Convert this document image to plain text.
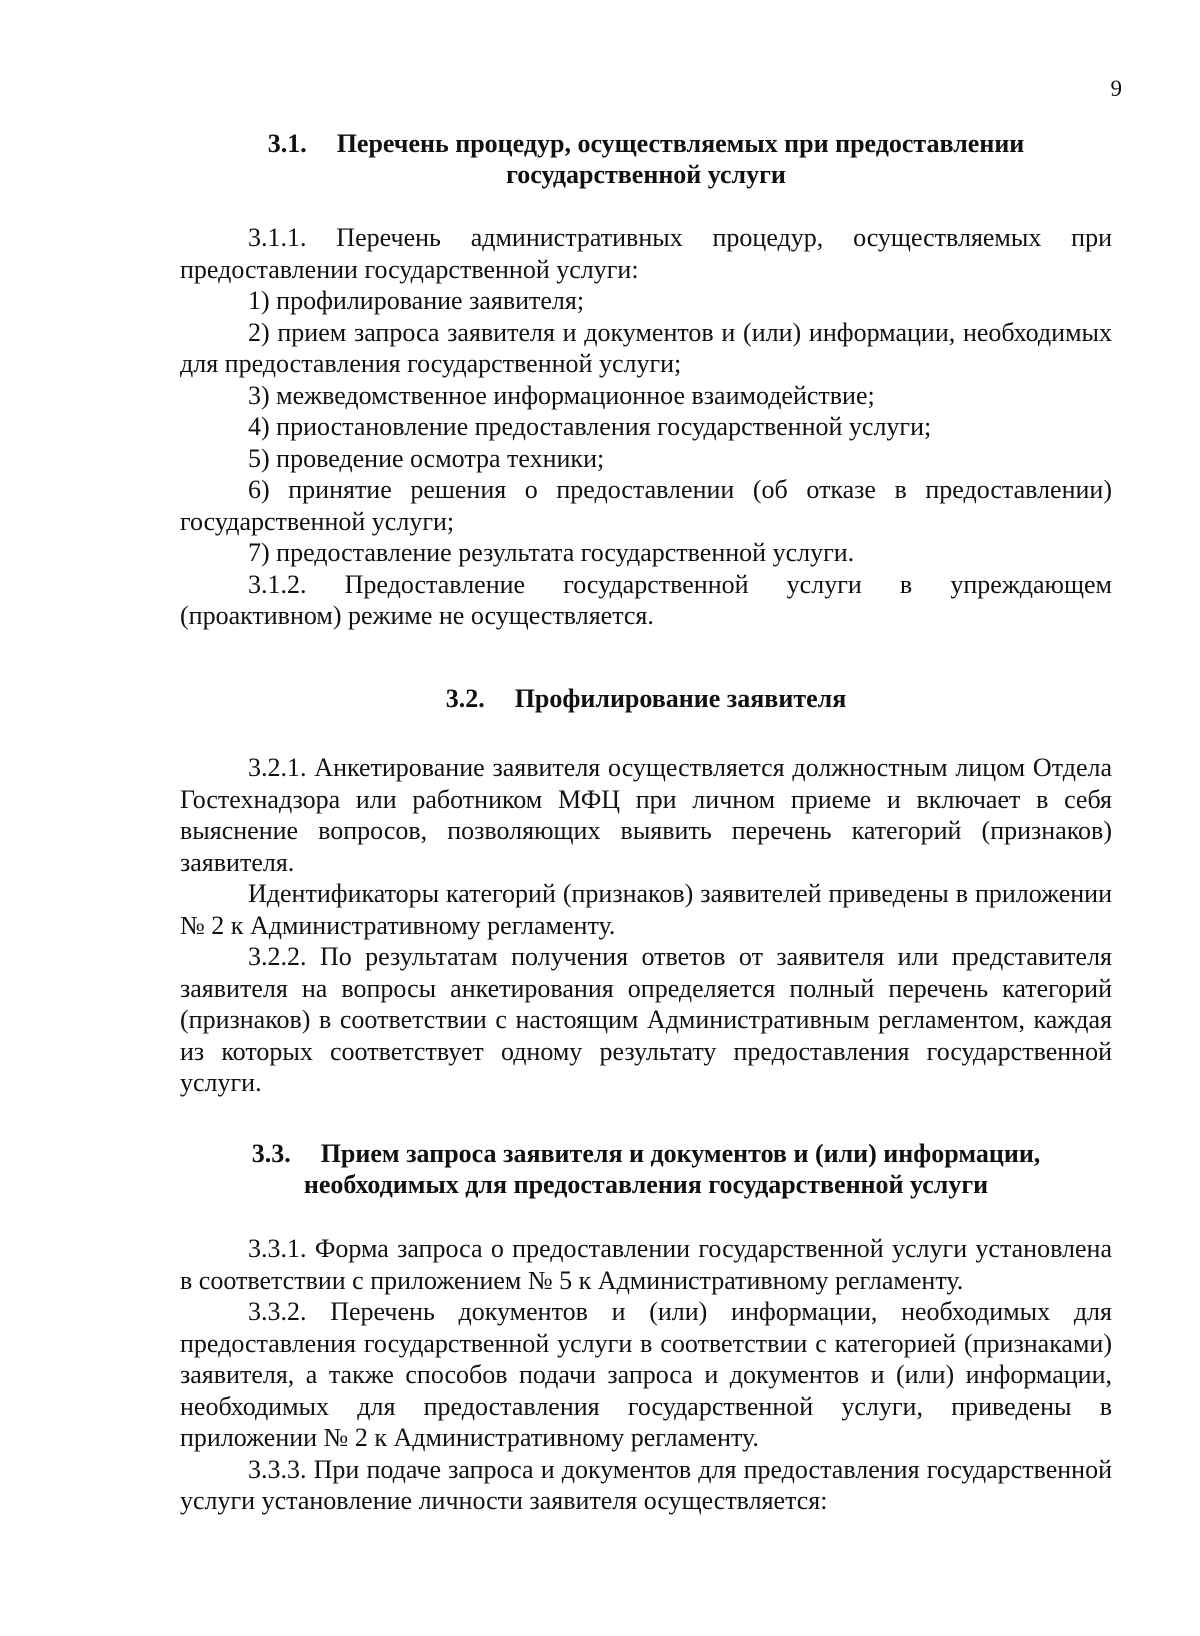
9
3.1. Перечень процедур, осуществляемых при предоставлении
государственной услуги

3.1.1. Перечень административных процедур, осуществляемых при предоставлении государственной услуги:

1) профилирование заявителя;

2) прием запроса заявителя и документов и (или) информации, необходимых для предоставления государственной услуги;

3) межведомственное информационное взаимодействие;

4) приостановление предоставления государственной услуги;

5) проведение осмотра техники;

6) принятие решения о предоставлении (об отказе в предоставлении) государственной услуги;

7) предоставление результата государственной услуги.

3.1.2. Предоставление государственной услуги в упреждающем (проактивном) режиме не осуществляется.

3.2. Профилирование заявителя

3.2.1. Анкетирование заявителя осуществляется должностным лицом Отдела Гостехнадзора или работником МФЦ при личном приеме и включает в себя выяснение вопросов, позволяющих выявить перечень категорий (признаков) заявителя.

Идентификаторы категорий (признаков) заявителей приведены в приложении № 2 к Административному регламенту.

3.2.2. По результатам получения ответов от заявителя или представителя заявителя на вопросы анкетирования определяется полный перечень категорий (признаков) в соответствии с настоящим Административным регламентом, каждая из которых соответствует одному результату предоставления государственной услуги.

3.3. Прием запроса заявителя и документов и (или) информации,
необходимых для предоставления государственной услуги

3.3.1. Форма запроса о предоставлении государственной услуги установлена в соответствии с приложением № 5 к Административному регламенту.

3.3.2. Перечень документов и (или) информации, необходимых для предоставления государственной услуги в соответствии с категорией (признаками) заявителя, а также способов подачи запроса и документов и (или) информации, необходимых для предоставления государственной услуги, приведены в приложении № 2 к Административному регламенту.

3.3.3. При подаче запроса и документов для предоставления государственной услуги установление личности заявителя осуществляется:
